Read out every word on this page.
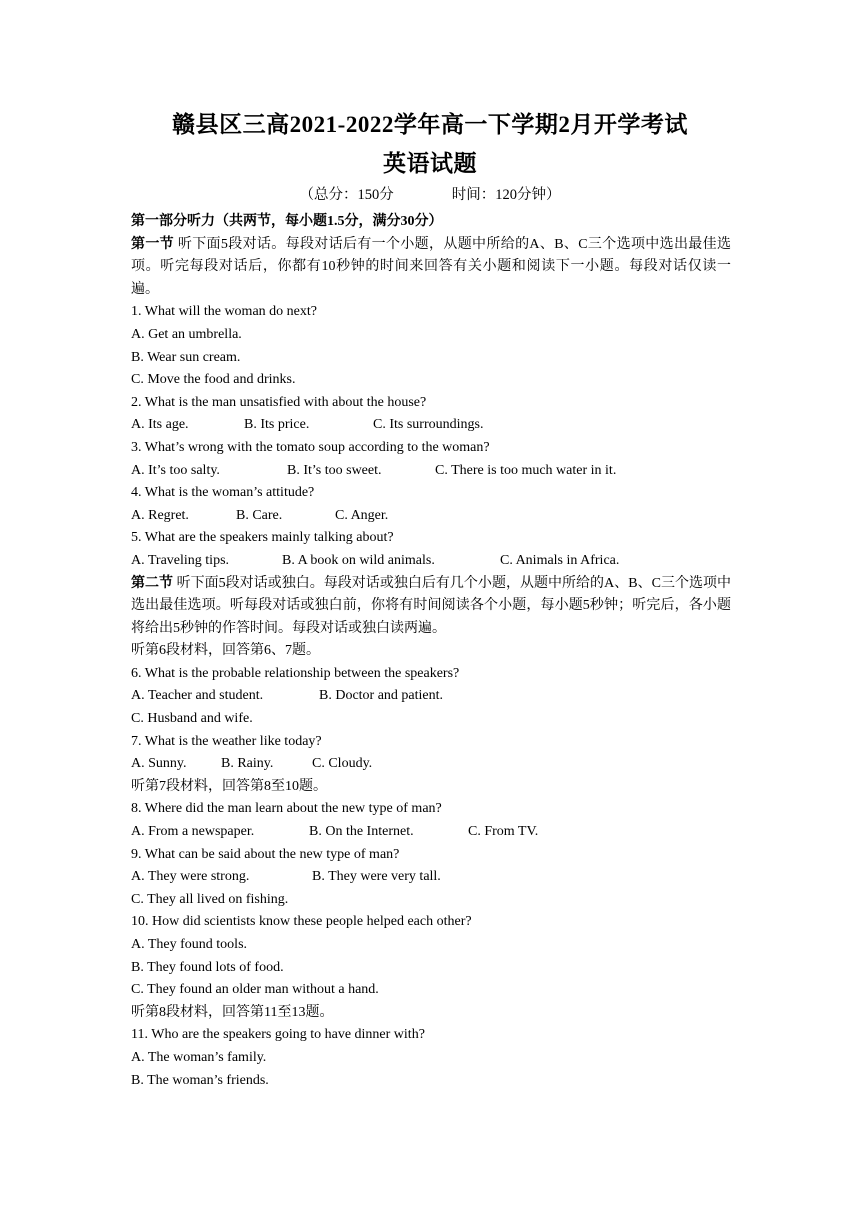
赣县区三高2021-2022学年高一下学期2月开学考试
英语试题
（总分：150分	时间：120分钟）
第一部分听力（共两节，每小题1.5分，满分30分）
第一节 听下面5段对话。每段对话后有一个小题，从题中所给的A、B、C三个选项中选出最佳选项。听完每段对话后，你都有10秒钟的时间来回答有关小题和阅读下一小题。每段对话仅读一遍。
1. What will the woman do next?
A. Get an umbrella.
B. Wear sun cream.
C. Move the food and drinks.
2. What is the man unsatisfied with about the house?
A. Its age.	B. Its price.	C. Its surroundings.
3. What’s wrong with the tomato soup according to the woman?
A. It’s too salty.	B. It’s too sweet.	C. There is too much water in it.
4. What is the woman’s attitude?
A. Regret.	B. Care.	C. Anger.
5. What are the speakers mainly talking about?
A. Traveling tips.	B. A book on wild animals.	C. Animals in Africa.
第二节 听下面5段对话或独白。每段对话或独白后有几个小题，从题中所给的A、B、C三个选项中选出最佳选项。听每段对话或独白前，你将有时间阅读各个小题，每小题5秒钟；听完后，各小题将给出5秒钟的作答时间。每段对话或独白读两遍。
听第6段材料，回答第6、7题。
6. What is the probable relationship between the speakers?
A. Teacher and student.	B. Doctor and patient.
C. Husband and wife.
7. What is the weather like today?
A. Sunny. B. Rainy.	C. Cloudy.
听第7段材料，回答第8至10题。
8. Where did the man learn about the new type of man?
A. From a newspaper.	B. On the Internet.	C. From TV.
9. What can be said about the new type of man?
A. They were strong.	B. They were very tall.
C. They all lived on fishing.
10. How did scientists know these people helped each other?
A. They found tools.
B. They found lots of food.
C. They found an older man without a hand.
听第8段材料，回答第11至13题。
11. Who are the speakers going to have dinner with?
A. The woman’s family.
B. The woman’s friends.
